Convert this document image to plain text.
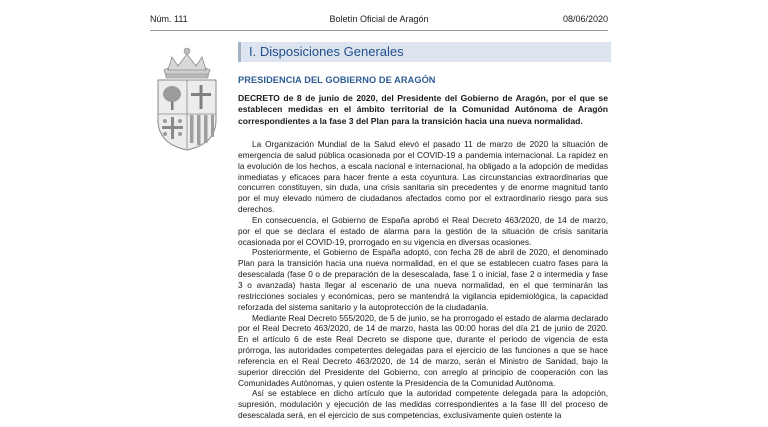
Núm. 111	Boletín Oficial de Aragón	08/06/2020
I. Disposiciones Generales
PRESIDENCIA DEL GOBIERNO DE ARAGÓN
DECRETO de 8 de junio de 2020, del Presidente del Gobierno de Aragón, por el que se establecen medidas en el ámbito territorial de la Comunidad Autónoma de Aragón correspondientes a la fase 3 del Plan para la transición hacia una nueva normalidad.

La Organización Mundial de la Salud elevó el pasado 11 de marzo de 2020 la situación de emergencia de salud pública ocasionada por el COVID-19 a pandemia internacional. La rapidez en la evolución de los hechos, a escala nacional e internacional, ha obligado a la adopción de medidas inmediatas y eficaces para hacer frente a esta coyuntura. Las circunstancias extraordinarias que concurren constituyen, sin duda, una crisis sanitaria sin precedentes y de enorme magnitud tanto por el muy elevado número de ciudadanos afectados como por el extraordinario riesgo para sus derechos.

En consecuencia, el Gobierno de España aprobó el Real Decreto 463/2020, de 14 de marzo, por el que se declara el estado de alarma para la gestión de la situación de crisis sanitaria ocasionada por el COVID-19, prorrogado en su vigencia en diversas ocasiones.

Posteriormente, el Gobierno de España adoptó, con fecha 28 de abril de 2020, el denominado Plan para la transición hacia una nueva normalidad, en el que se establecen cuatro fases para la desescalada (fase 0 o de preparación de la desescalada, fase 1 o inicial, fase 2 o intermedia y fase 3 o avanzada) hasta llegar al escenario de una nueva normalidad, en el que terminarán las restricciones sociales y económicas, pero se mantendrá la vigilancia epidemiológica, la capacidad reforzada del sistema sanitario y la autoprotección de la ciudadanía.

Mediante Real Decreto 555/2020, de 5 de junio, se ha prorrogado el estado de alarma declarado por el Real Decreto 463/2020, de 14 de marzo, hasta las 00:00 horas del día 21 de junio de 2020. En el artículo 6 de este Real Decreto se dispone que, durante el periodo de vigencia de esta prórroga, las autoridades competentes delegadas para el ejercicio de las funciones a que se hace referencia en el Real Decreto 463/2020, de 14 de marzo, serán el Ministro de Sanidad, bajo la superior dirección del Presidente del Gobierno, con arreglo al principio de cooperación con las Comunidades Autónomas, y quien ostente la Presidencia de la Comunidad Autónoma.

Así se establece en dicho artículo que la autoridad competente delegada para la adopción, supresión, modulación y ejecución de las medidas correspondientes a la fase III del proceso de desescalada será, en el ejercicio de sus competencias, exclusivamente quien ostente la
